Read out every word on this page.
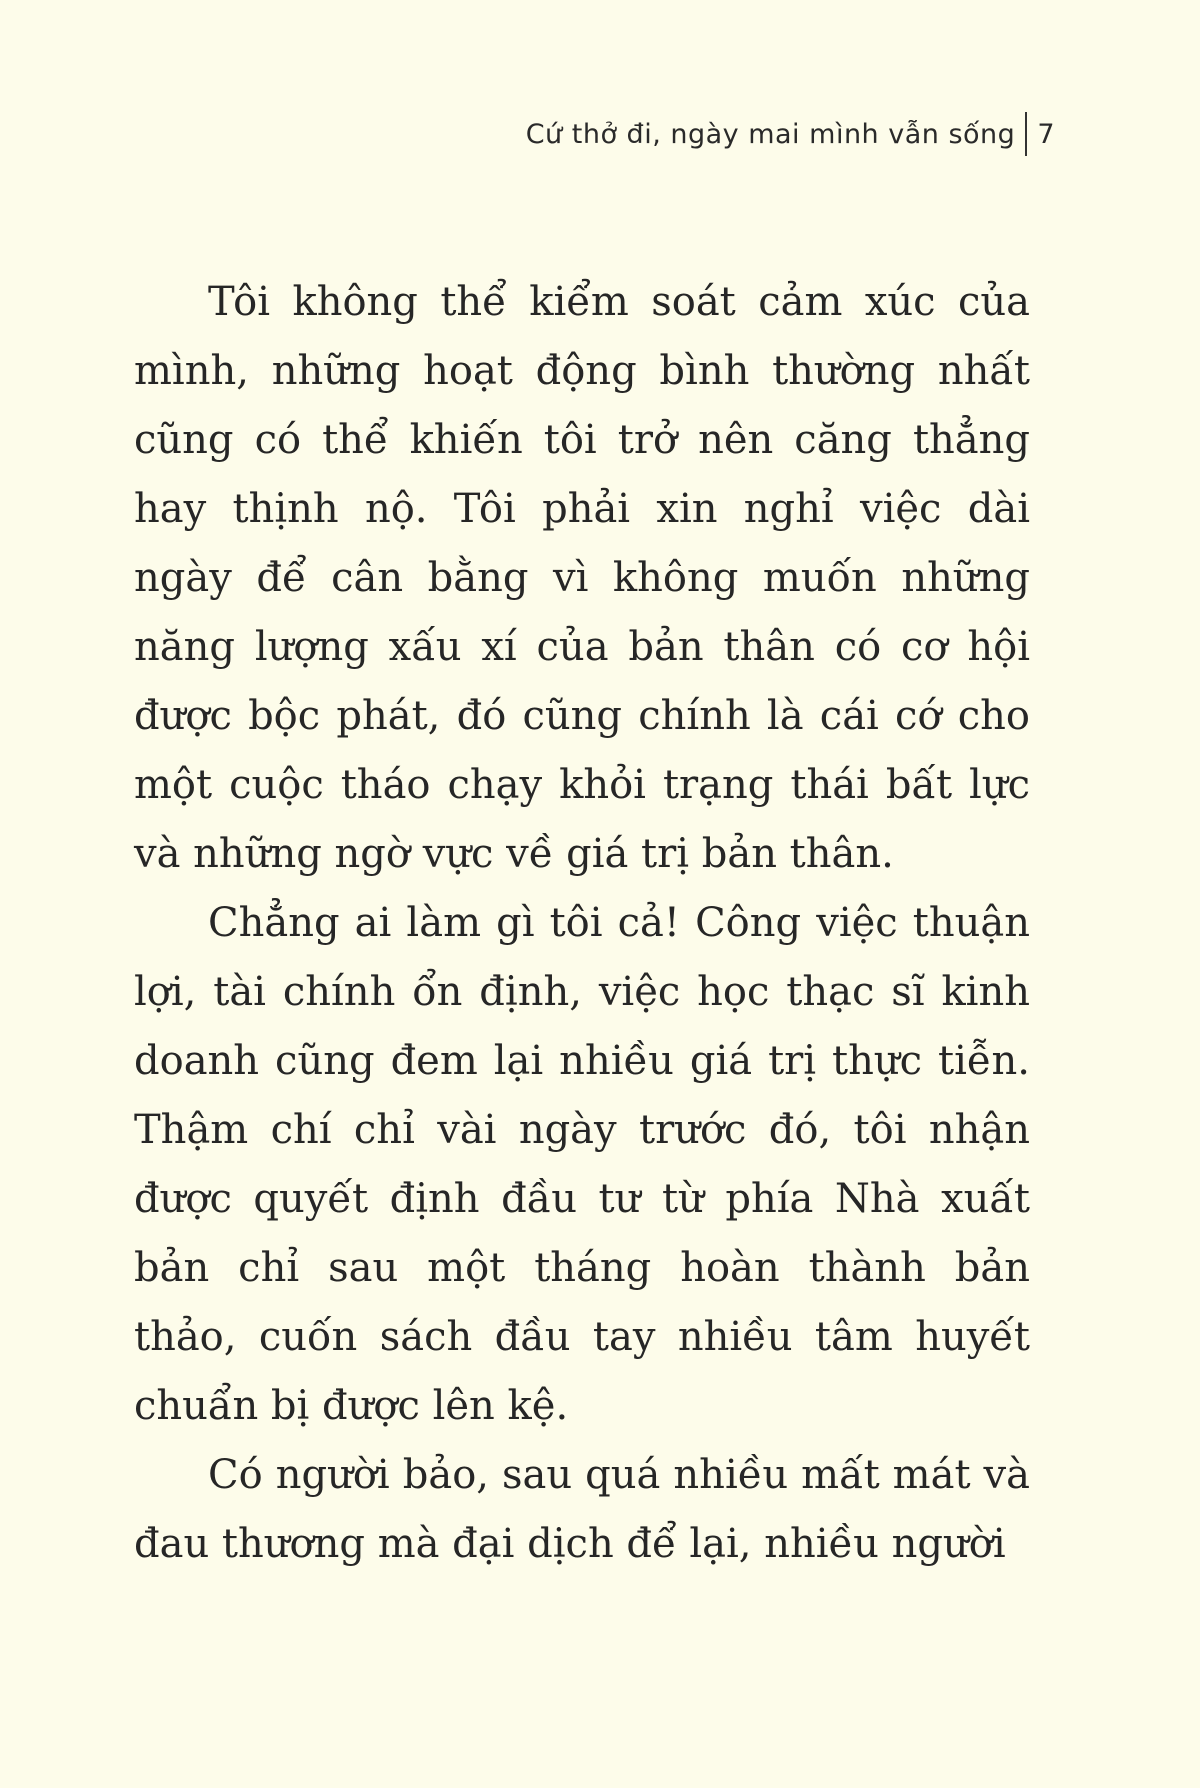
Cứ thở đi, ngày mai mình vẫn sống 7

Tôi không thể kiểm soát cảm xúc của mình, những hoạt động bình thường nhất cũng có thể khiến tôi trở nên căng thẳng hay thịnh nộ. Tôi phải xin nghỉ việc dài ngày để cân bằng vì không muốn những năng lượng xấu xí của bản thân có cơ hội được bộc phát, đó cũng chính là cái cớ cho một cuộc tháo chạy khỏi trạng thái bất lực và những ngờ vực về giá trị bản thân.

Chẳng ai làm gì tôi cả! Công việc thuận lợi, tài chính ổn định, việc học thạc sĩ kinh doanh cũng đem lại nhiều giá trị thực tiễn. Thậm chí chỉ vài ngày trước đó, tôi nhận được quyết định đầu tư từ phía Nhà xuất bản chỉ sau một tháng hoàn thành bản thảo, cuốn sách đầu tay nhiều tâm huyết chuẩn bị được lên kệ.

Có người bảo, sau quá nhiều mất mát và đau thương mà đại dịch để lại, nhiều người
